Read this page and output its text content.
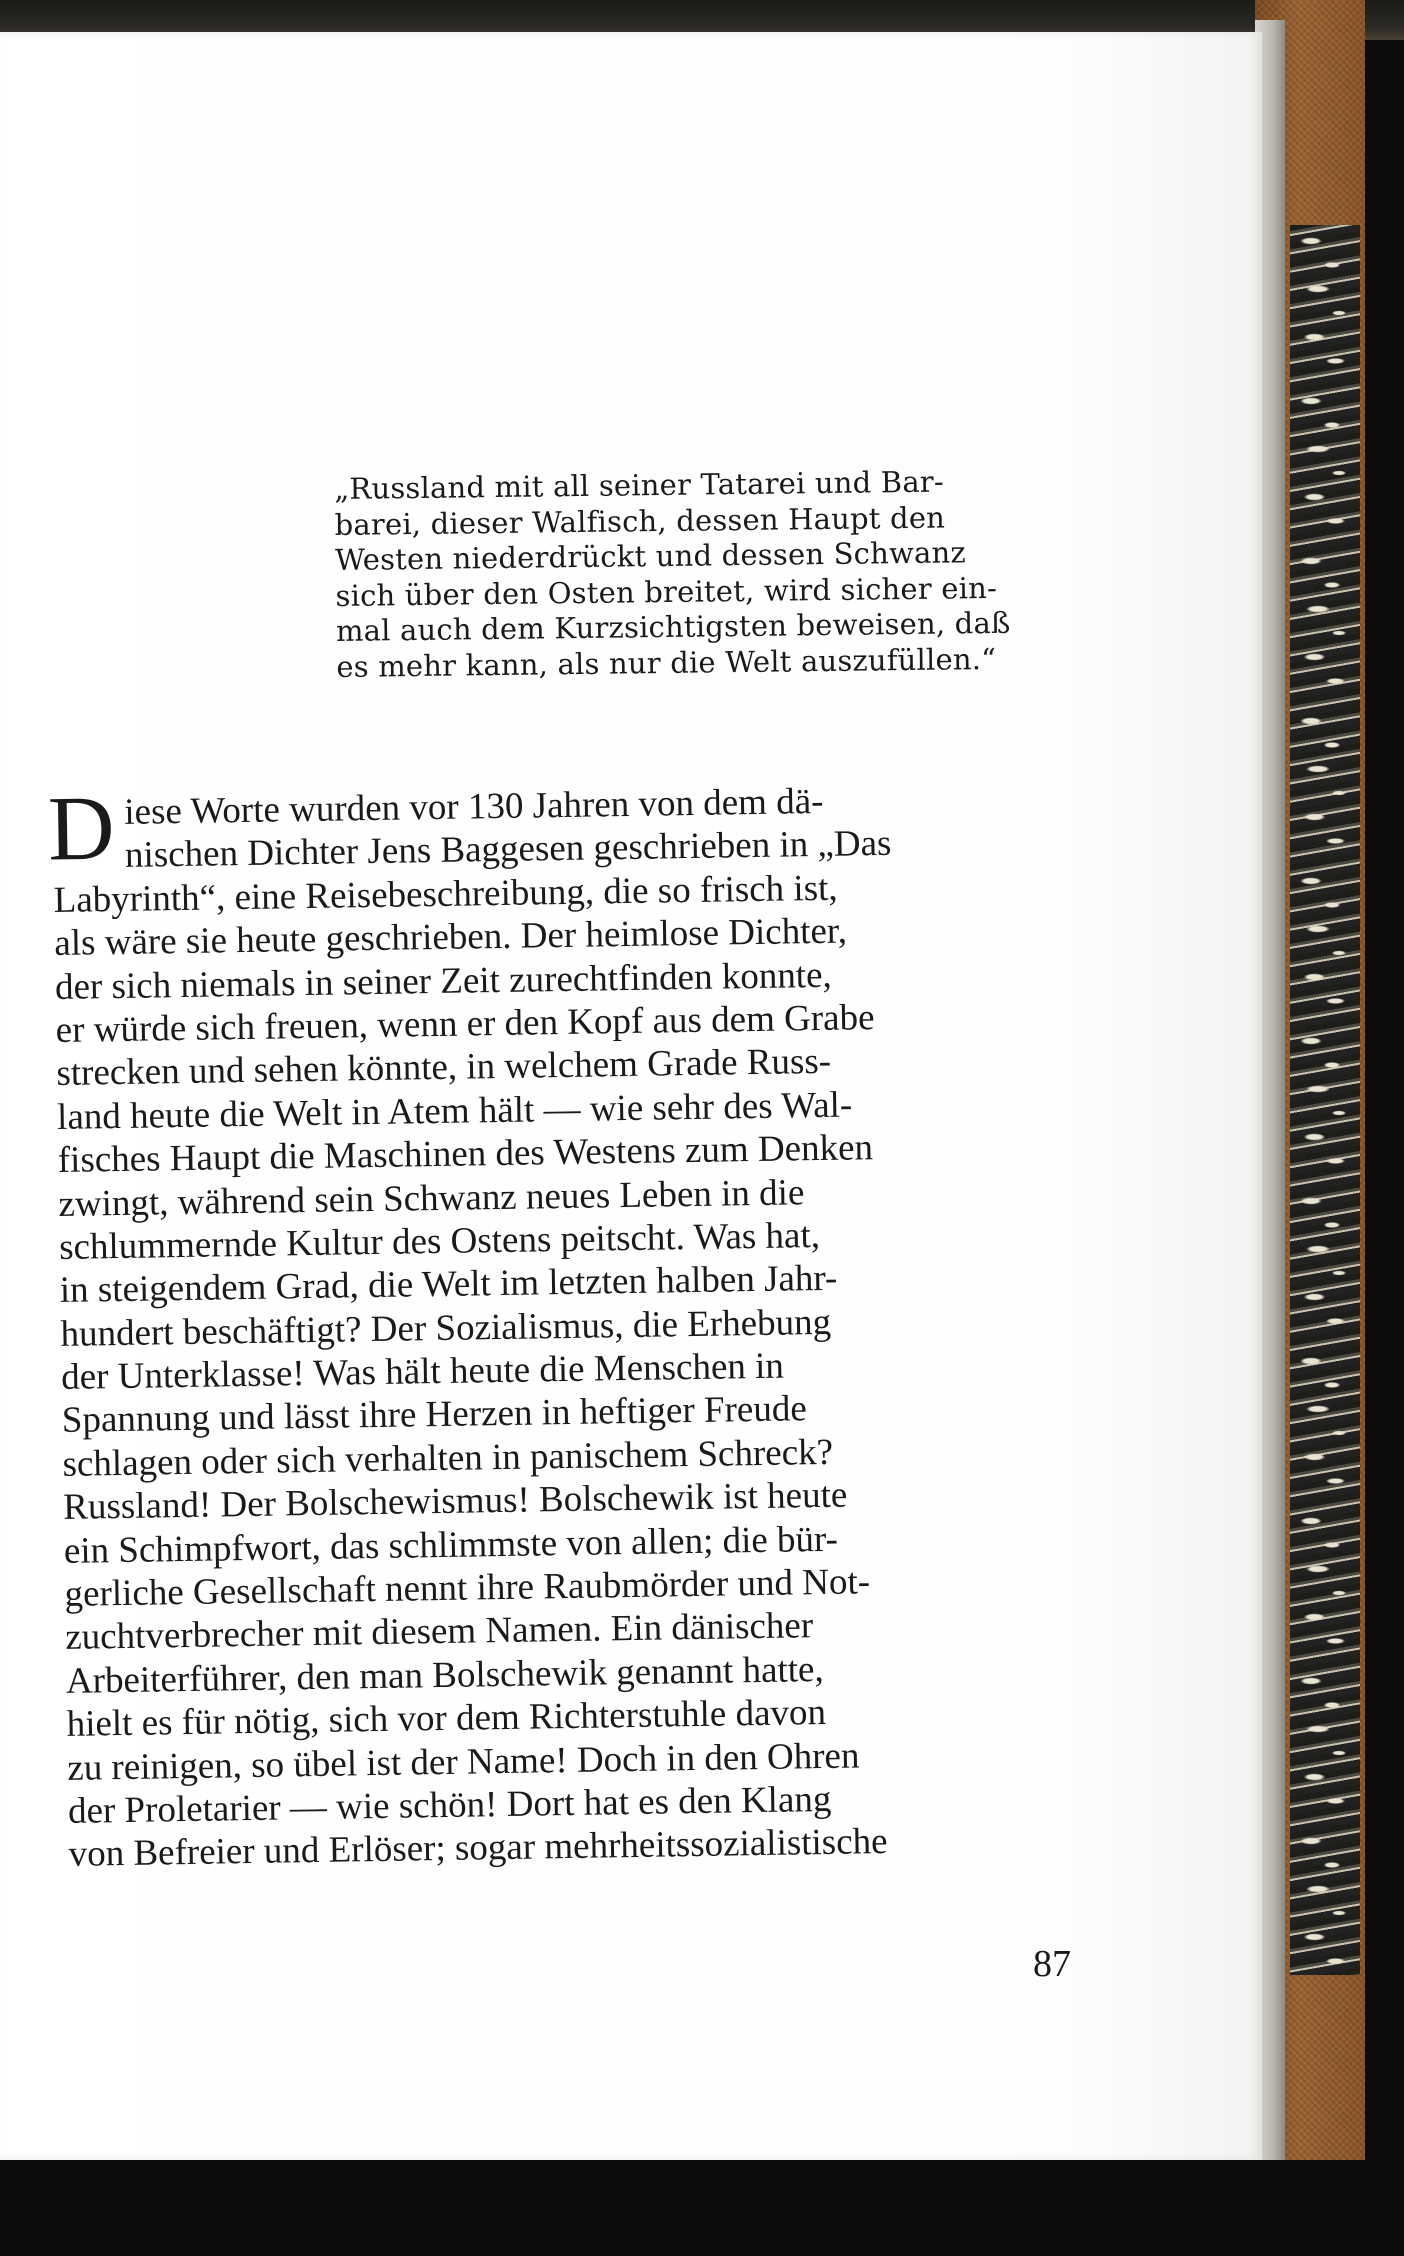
„Russland mit all seiner Tatarei und Bar-
barei, dieser Walfisch, dessen Haupt den
Westen niederdrückt und dessen Schwanz
sich über den Osten breitet, wird sicher ein-
mal auch dem Kurzsichtigsten beweisen, daß
es mehr kann, als nur die Welt auszufüllen.“
D iese Worte wurden vor 130 Jahren von dem dä-
nischen Dichter Jens Baggesen geschrieben in „Das
Labyrinth“, eine Reisebeschreibung, die so frisch ist,
als wäre sie heute geschrieben. Der heimlose Dichter,
der sich niemals in seiner Zeit zurechtfinden konnte,
er würde sich freuen, wenn er den Kopf aus dem Grabe
strecken und sehen könnte, in welchem Grade Russ-
land heute die Welt in Atem hält — wie sehr des Wal-
fisches Haupt die Maschinen des Westens zum Denken
zwingt, während sein Schwanz neues Leben in die
schlummernde Kultur des Ostens peitscht. Was hat,
in steigendem Grad, die Welt im letzten halben Jahr-
hundert beschäftigt? Der Sozialismus, die Erhebung
der Unterklasse! Was hält heute die Menschen in
Spannung und lässt ihre Herzen in heftiger Freude
schlagen oder sich verhalten in panischem Schreck?
Russland! Der Bolschewismus! Bolschewik ist heute
ein Schimpfwort, das schlimmste von allen; die bür-
gerliche Gesellschaft nennt ihre Raubmörder und Not-
zuchtverbrecher mit diesem Namen. Ein dänischer
Arbeiterführer, den man Bolschewik genannt hatte,
hielt es für nötig, sich vor dem Richterstuhle davon
zu reinigen, so übel ist der Name! Doch in den Ohren
der Proletarier — wie schön! Dort hat es den Klang
von Befreier und Erlöser; sogar mehrheitssozialistische
87
